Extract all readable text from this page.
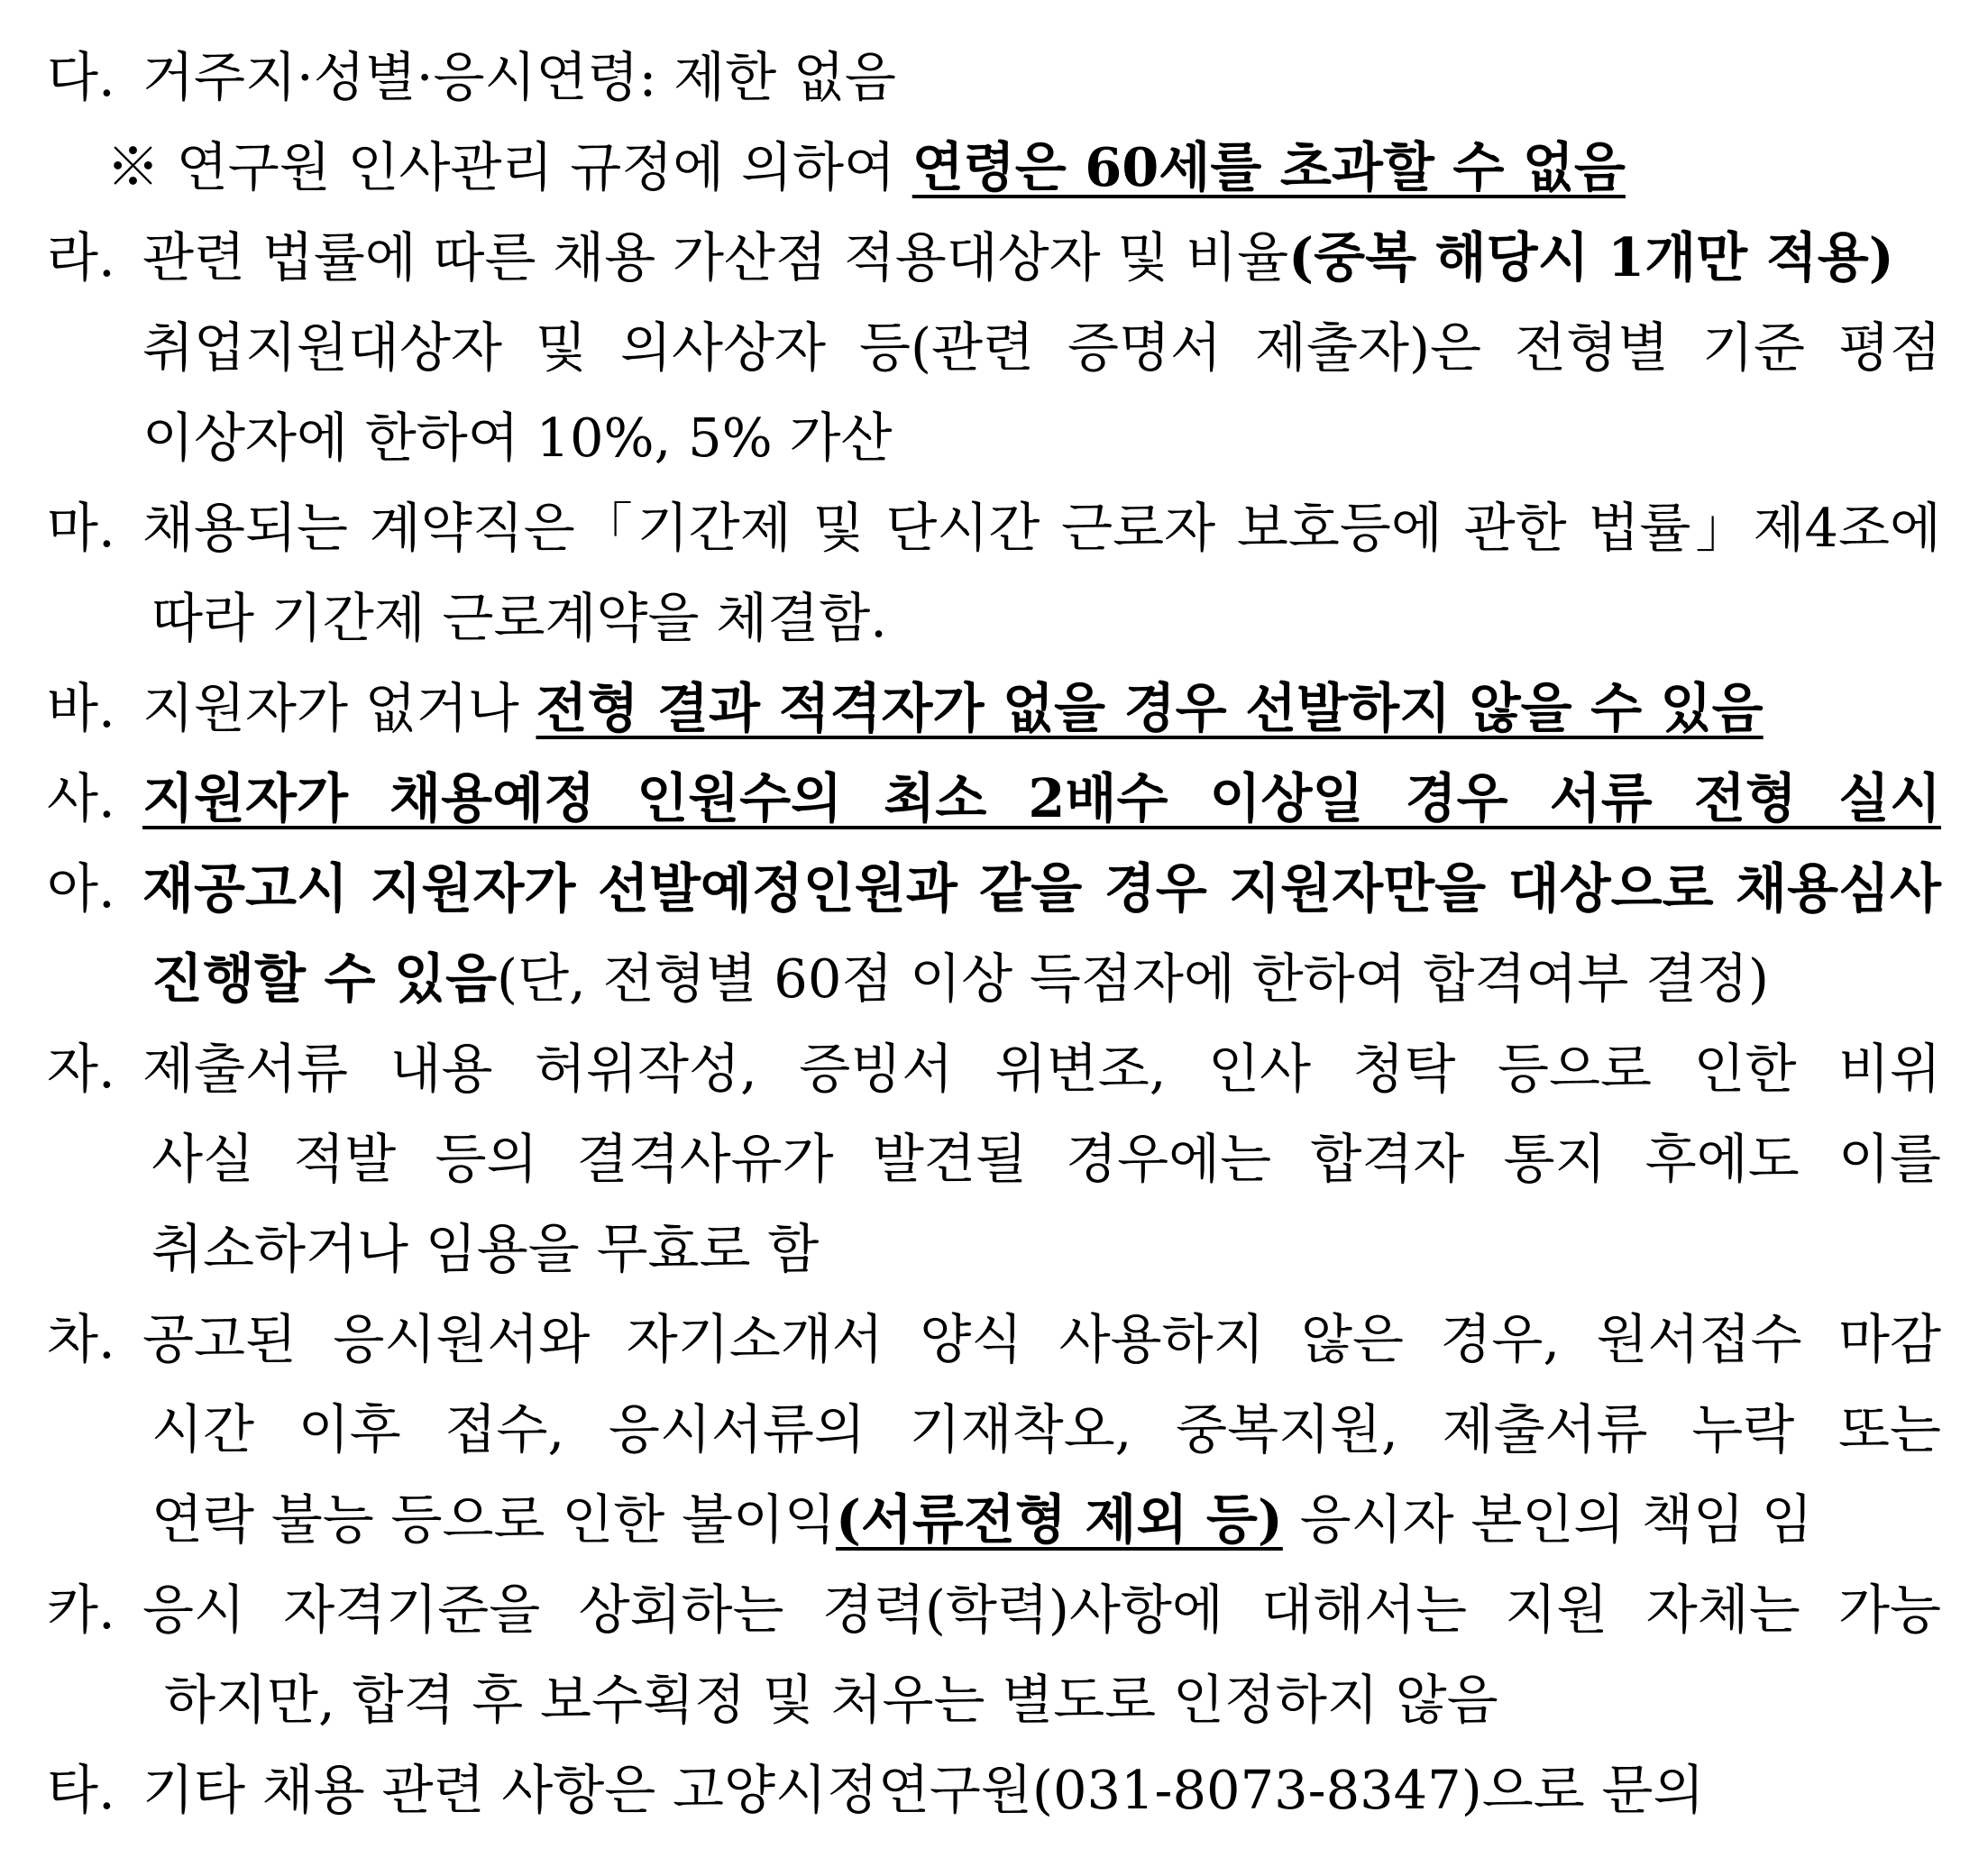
다. 거주지·성별·응시연령: 제한 없음
※ 연구원 인사관리 규정에 의하여 연령은 60세를 초과할 수 없음
라. 관련 법률에 따른 채용 가산점 적용대상자 및 비율(중복 해당시 1개만 적용)
취업지원대상자 및 의사상자 등(관련 증명서 제출자)은 전형별 기준 평점
이상자에 한하여 10%, 5% 가산
마. 채용되는 계약직은「기간제 및 단시간 근로자 보호등에 관한 법률」제4조에
따라 기간제 근로계약을 체결함.
바. 지원자가 없거나 전형 결과 적격자가 없을 경우 선발하지 않을 수 있음
사. 지원자가 채용예정 인원수의 최소 2배수 이상일 경우 서류 전형 실시
아. 재공고시 지원자가 선발예정인원과 같을 경우 지원자만을 대상으로 채용심사
진행할 수 있음(단, 전형별 60점 이상 득점자에 한하여 합격여부 결정)
자. 제출서류 내용 허위작성, 증빙서 위변조, 인사 청탁 등으로 인한 비위
사실 적발 등의 결격사유가 발견될 경우에는 합격자 통지 후에도 이를
취소하거나 임용을 무효로 함
차. 공고된 응시원서와 자기소개서 양식 사용하지 않은 경우, 원서접수 마감
시간 이후 접수, 응시서류의 기재착오, 중복지원, 제출서류 누락 또는
연락 불능 등으로 인한 불이익(서류전형 제외 등) 응시자 본인의 책임 임
카. 응시 자격기준을 상회하는 경력(학력)사항에 대해서는 지원 자체는 가능
하지만, 합격 후 보수획정 및 처우는 별도로 인정하지 않음
타. 기타 채용 관련 사항은 고양시정연구원(031-8073-8347)으로 문의
